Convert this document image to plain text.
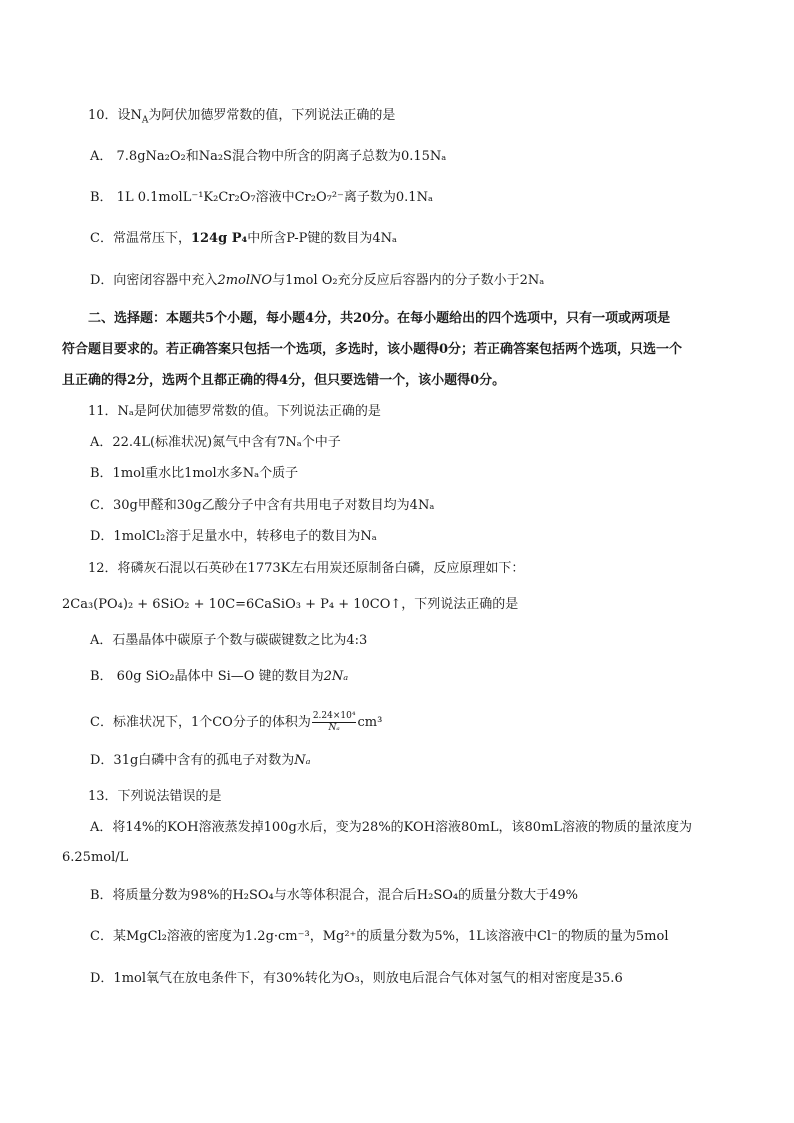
10．设$N_A$为阿伏加德罗常数的值，下列说法正确的是
A． 7.8gNa₂O₂和Na₂S混合物中所含的阴离子总数为0.15Nₐ
B． 1L 0.1molL⁻¹K₂Cr₂O₇溶液中Cr₂O₇²⁻离子数为0.1Nₐ
C．常温常压下，124g P₄中所含P-P键的数目为4Nₐ
D．向密闭容器中充入2molNO与1mol O₂充分反应后容器内的分子数小于2Nₐ
二、选择题：本题共5个小题，每小题4分，共20分。在每小题给出的四个选项中，只有一项或两项是
符合题目要求的。若正确答案只包括一个选项，多选时，该小题得0分；若正确答案包括两个选项，只选一个
且正确的得2分，选两个且都正确的得4分，但只要选错一个，该小题得0分。
11．Nₐ是阿伏加德罗常数的值。下列说法正确的是
A．22.4L(标准状况)氮气中含有7Nₐ个中子
B．1mol重水比1mol水多Nₐ个质子
C．30g甲醛和30g乙酸分子中含有共用电子对数目均为4Nₐ
D．1molCl₂溶于足量水中，转移电子的数目为Nₐ
12．将磷灰石混以石英砂在1773K左右用炭还原制备白磷，反应原理如下：
2Ca₃(PO₄)₂ + 6SiO₂ + 10C=6CaSiO₃ + P₄ + 10CO↑，下列说法正确的是
A．石墨晶体中碳原子个数与碳碳键数之比为4:3
B． 60g SiO₂晶体中 Si—O 键的数目为2Nₐ
C．标准状况下，1个CO分子的体积为 $\frac{\text{2.24×10⁴}}{\text{Nₐ}} cm^3$
D．31g白磷中含有的孤电子对数为Nₐ
13．下列说法错误的是
A．将14%的KOH溶液蒸发掉100g水后，变为28%的KOH溶液80mL，该80mL溶液的物质的量浓度为
6.25mol/L
B．将质量分数为98%的H₂SO₄与水等体积混合，混合后H₂SO₄的质量分数大于49%
C．某MgCl₂溶液的密度为1.2g·cm⁻³，Mg²⁺的质量分数为5%，1L该溶液中Cl⁻的物质的量为5mol
D．1mol氧气在放电条件下，有30%转化为O₃，则放电后混合气体对氢气的相对密度是35.6
